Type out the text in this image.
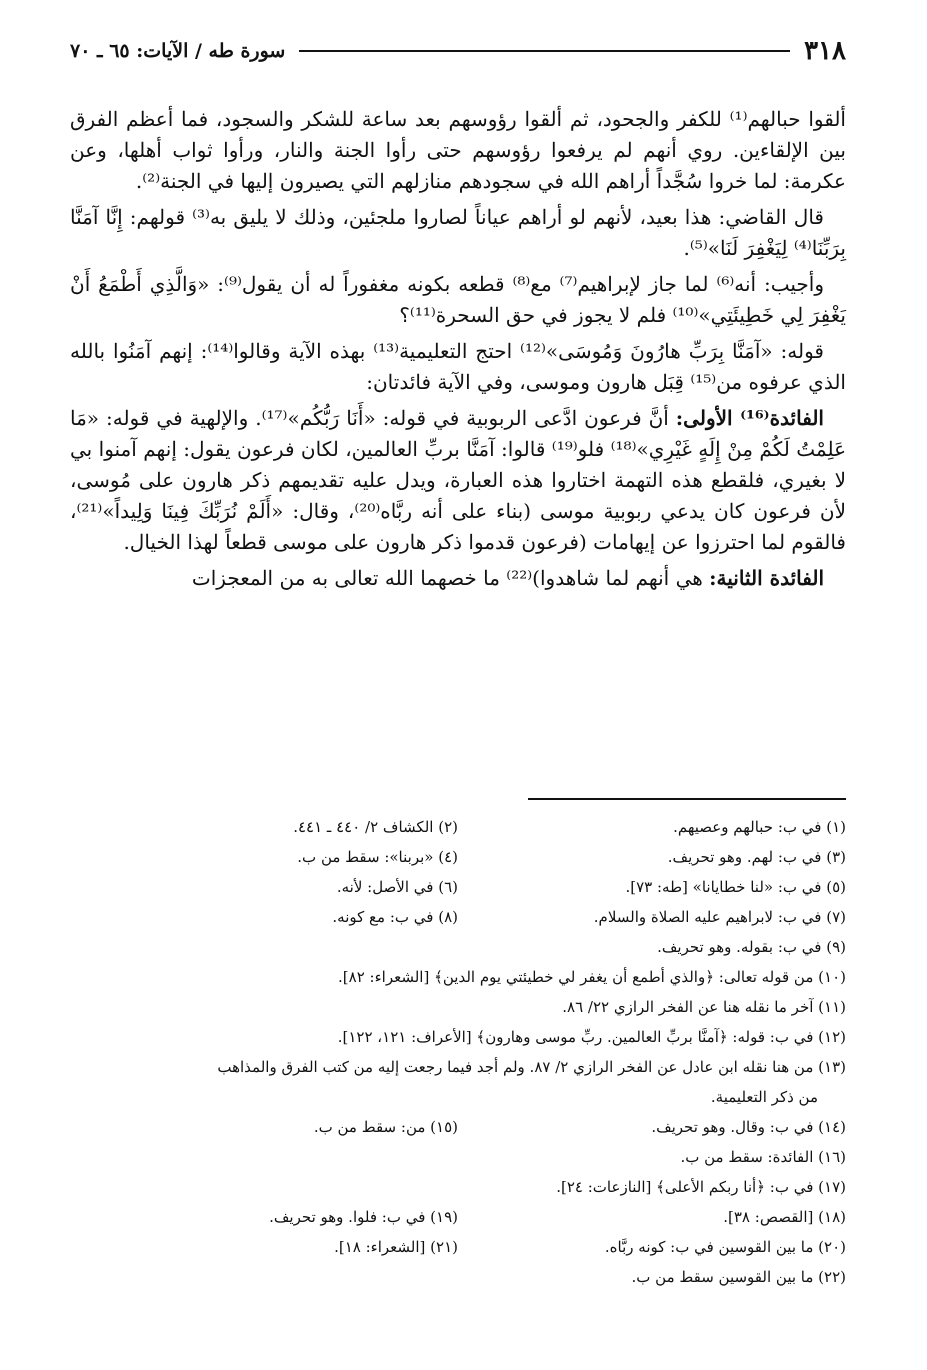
٣١٨
سورة طه / الآيات: ٦٥ ـ ٧٠

ألقوا حبالهم⁽¹⁾ للكفر والجحود، ثم ألقوا رؤوسهم بعد ساعة للشكر والسجود، فما أعظم الفرق بين الإلقاءين. روي أنهم لم يرفعوا رؤوسهم حتى رأوا الجنة والنار، ورأوا ثواب أهلها، وعن عكرمة: لما خروا سُجَّداً أراهم الله في سجودهم منازلهم التي يصيرون إليها في الجنة⁽²⁾.

قال القاضي: هذا بعيد، لأنهم لو أراهم عياناً لصاروا ملجئين، وذلك لا يليق به⁽³⁾ قولهم: إِنَّا آمَنَّا بِرَبِّنَا⁽⁴⁾ لِيَغْفِرَ لَنَا»⁽⁵⁾.

وأجيب: أنه⁽⁶⁾ لما جاز لإبراهيم⁽⁷⁾ مع⁽⁸⁾ قطعه بكونه مغفوراً له أن يقول⁽⁹⁾: «وَالَّذِي أَطْمَعُ أَنْ يَغْفِرَ لِي خَطِيئَتِي»⁽¹⁰⁾ فلم لا يجوز في حق السحرة⁽¹¹⁾؟

قوله: «آمَنَّا بِرَبِّ هارُونَ وَمُوسَى»⁽¹²⁾ احتج التعليمية⁽¹³⁾ بهذه الآية وقالوا⁽¹⁴⁾: إنهم آمَنُوا بالله الذي عرفوه من⁽¹⁵⁾ قِبَل هارون وموسى، وفي الآية فائدتان:

الفائدة⁽¹⁶⁾ الأولى: أنَّ فرعون ادَّعى الربوبية في قوله: «أَنَا رَبُّكُم»⁽¹⁷⁾. والإلهية في قوله: «مَا عَلِمْتُ لَكُمْ مِنْ إِلَهٍ غَيْرِي»⁽¹⁸⁾ فلو⁽¹⁹⁾ قالوا: آمَنَّا بربِّ العالمين، لكان فرعون يقول: إنهم آمنوا بي لا بغيري، فلقطع هذه التهمة اختاروا هذه العبارة، ويدل عليه تقديمهم ذكر هارون على مُوسى، لأن فرعون كان يدعي ربوبية موسى (بناء على أنه ربَّاه⁽²⁰⁾، وقال: «أَلَمْ نُرَبِّكَ فِينَا وَلِيداً»⁽²¹⁾، فالقوم لما احترزوا عن إيهامات (فرعون قدموا ذكر هارون على موسى قطعاً لهذا الخيال.

الفائدة الثانية: هي أنهم لما شاهدوا)⁽²²⁾ ما خصهما الله تعالى به من المعجزات

(١) في ب: حبالهم وعصيهم.
(٢) الكشاف ٢/ ٤٤٠ ـ ٤٤١.
(٣) في ب: لهم. وهو تحريف.
(٤) «بربنا»: سقط من ب.
(٥) في ب: «لنا خطايانا» [طه: ٧٣].
(٦) في الأصل: لأنه.
(٧) في ب: لابراهيم عليه الصلاة والسلام.
(٨) في ب: مع كونه.
(٩) في ب: بقوله. وهو تحريف.
(١٠) من قوله تعالى: ﴿والذي أطمع أن يغفر لي خطيئتي يوم الدين﴾ [الشعراء: ٨٢].
(١١) آخر ما نقله هنا عن الفخر الرازي ٢٢/ ٨٦.
(١٢) في ب: قوله: ﴿آمنَّا بربِّ العالمين. ربِّ موسى وهارون﴾ [الأعراف: ١٢١، ١٢٢].
(١٣) من هنا نقله ابن عادل عن الفخر الرازي ٢/ ٨٧. ولم أجد فيما رجعت إليه من كتب الفرق والمذاهب
من ذكر التعليمية.
(١٤) في ب: وقال. وهو تحريف.
(١٥) من: سقط من ب.
(١٦) الفائدة: سقط من ب.
(١٧) في ب: ﴿أنا ربكم الأعلى﴾ [النازعات: ٢٤].
(١٨) [القصص: ٣٨].
(١٩) في ب: فلوا. وهو تحريف.
(٢٠) ما بين القوسين في ب: كونه ربَّاه.
(٢١) [الشعراء: ١٨].
(٢٢) ما بين القوسين سقط من ب.
